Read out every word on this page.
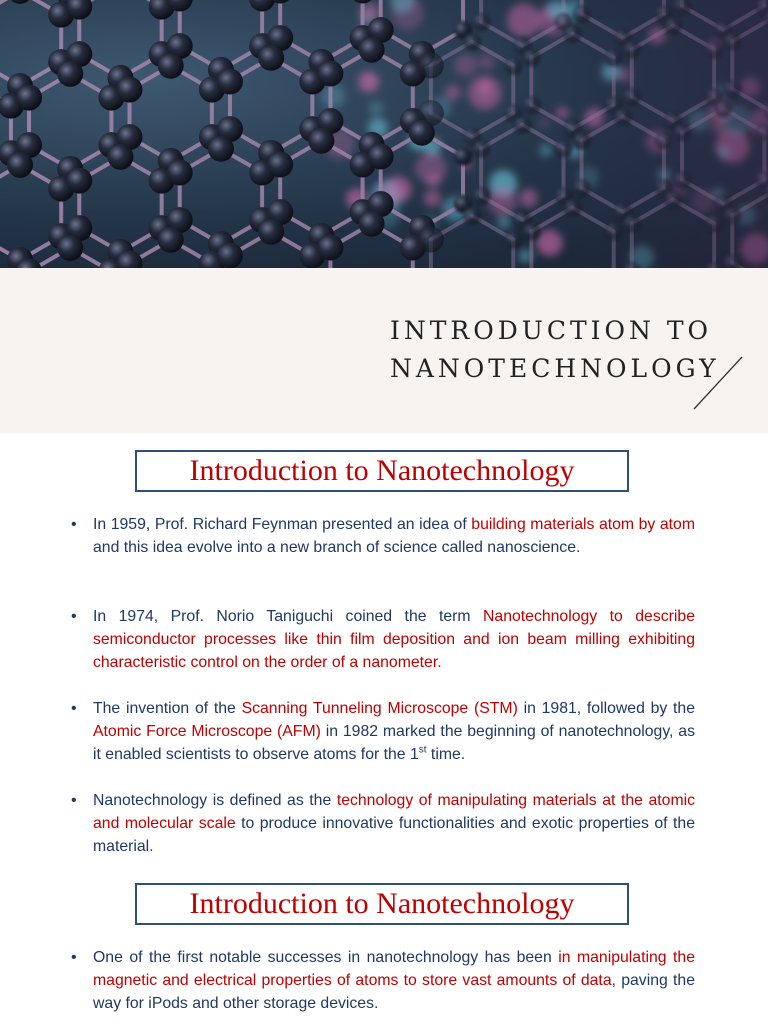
INTRODUCTION TO
NANOTECHNOLOGY
Introduction to Nanotechnology

• In 1959, Prof. Richard Feynman presented an idea of building materials atom by atom and this idea evolve into a new branch of science called nanoscience.

• In 1974, Prof. Norio Taniguchi coined the term Nanotechnology to describe semiconductor processes like thin film deposition and ion beam milling exhibiting characteristic control on the order of a nanometer.

• The invention of the Scanning Tunneling Microscope (STM) in 1981, followed by the Atomic Force Microscope (AFM) in 1982 marked the beginning of nanotechnology, as it enabled scientists to observe atoms for the 1st time.

• Nanotechnology is defined as the technology of manipulating materials at the atomic and molecular scale to produce innovative functionalities and exotic properties of the material.

Introduction to Nanotechnology

• One of the first notable successes in nanotechnology has been in manipulating the magnetic and electrical properties of atoms to store vast amounts of data, paving the way for iPods and other storage devices.
